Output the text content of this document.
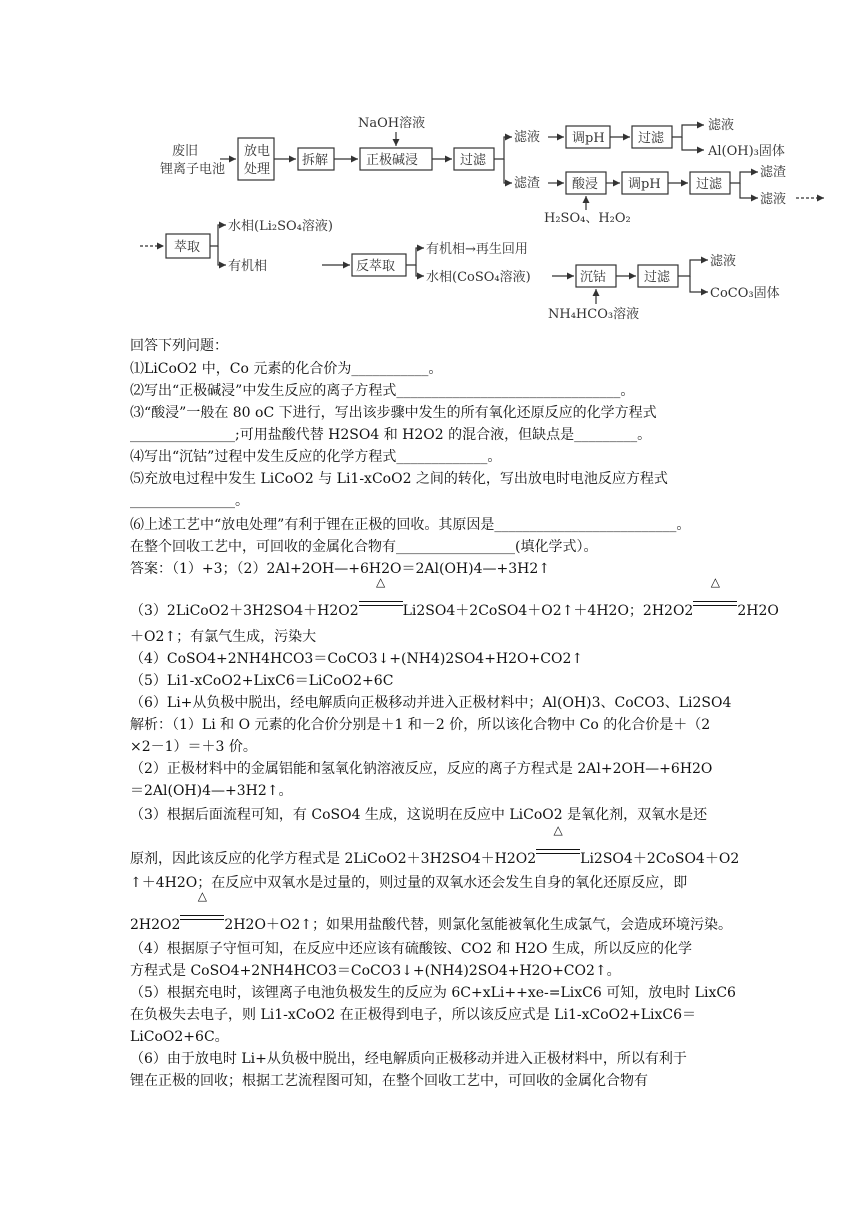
废旧
锂离子电池
放电
处理
拆解	正极碱浸
NaOH溶液
过滤
滤液 调pH	过滤
滤液
Al(OH)₃固体
滤渣 酸浸 调pH	过滤
滤渣
滤液
H₂SO₄、H₂O₂
萃取
水相(Li₂SO₄溶液)
有机相	反萃取
有机相→再生回用
水相(CoSO₄溶液)	沉钴	过滤
滤液
CoCO₃固体
NH₄HCO₃溶液
回答下列问题：
⑴LiCoO2 中，Co 元素的化合价为___________。
⑵写出“正极碱浸”中发生反应的离子方程式________________________________。
⑶“酸浸”一般在 80 oC 下进行，写出该步骤中发生的所有氧化还原反应的化学方程式
_______________;可用盐酸代替 H2SO4 和 H2O2 的混合液，但缺点是_________。
⑷写出“沉钴”过程中发生反应的化学方程式_____________。
⑸充放电过程中发生 LiCoO2 与 Li1-xCoO2 之间的转化，写出放电时电池反应方程式
_______________。
⑹上述工艺中“放电处理”有利于锂在正极的回收。其原因是__________________________。
在整个回收工艺中，可回收的金属化合物有_________________(填化学式）。
答案：（1）+3；（2）2Al+2OH—+6H2O＝2Al(OH)4—+3H2↑
（3）2LiCoO2＋3H2SO4＋H2O2
△
Li2SO4＋2CoSO4＋O2↑＋4H2O；2H2O2
△
2H2O
＋O2↑；有氯气生成，污染大
（4）CoSO4+2NH4HCO3＝CoCO3↓+(NH4)2SO4+H2O+CO2↑
（5）Li1-xCoO2+LixC6＝LiCoO2+6C
（6）Li+从负极中脱出，经电解质向正极移动并进入正极材料中；Al(OH)3、CoCO3、Li2SO4
解析：（1）Li 和 O 元素的化合价分别是＋1 和－2 价，所以该化合物中 Co 的化合价是＋（2
×2－1）＝＋3 价。
（2）正极材料中的金属铝能和氢氧化钠溶液反应，反应的离子方程式是 2Al+2OH—+6H2O
＝2Al(OH)4—+3H2↑。
（3）根据后面流程可知，有 CoSO4 生成，这说明在反应中 LiCoO2 是氧化剂，双氧水是还
原剂，因此该反应的化学方程式是 2LiCoO2＋3H2SO4＋H2O2
△
Li2SO4＋2CoSO4＋O2
↑＋4H2O；在反应中双氧水是过量的，则过量的双氧水还会发生自身的氧化还原反应，即
2H2O2
△
2H2O＋O2↑；如果用盐酸代替，则氯化氢能被氧化生成氯气，会造成环境污染。
（4）根据原子守恒可知，在反应中还应该有硫酸铵、CO2 和 H2O 生成，所以反应的化学
方程式是 CoSO4+2NH4HCO3＝CoCO3↓+(NH4)2SO4+H2O+CO2↑。
（5）根据充电时，该锂离子电池负极发生的反应为 6C+xLi++xe-=LixC6 可知，放电时 LixC6
在负极失去电子，则 Li1-xCoO2 在正极得到电子，所以该反应式是 Li1-xCoO2+LixC6＝
LiCoO2+6C。
（6）由于放电时 Li+从负极中脱出，经电解质向正极移动并进入正极材料中，所以有利于
锂在正极的回收；根据工艺流程图可知，在整个回收工艺中，可回收的金属化合物有
